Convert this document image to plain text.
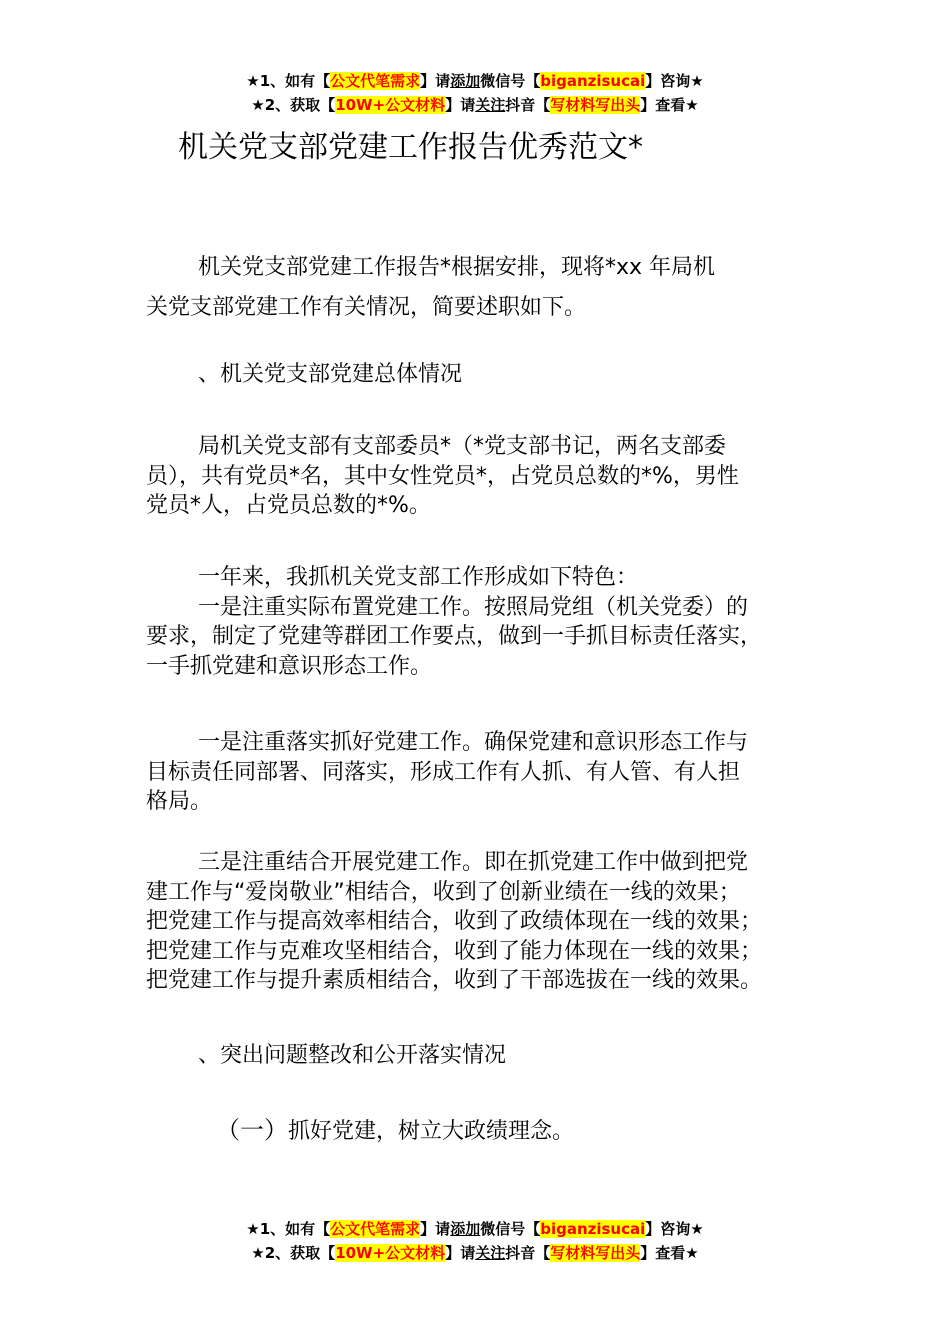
★1、如有【公文代笔需求】请添加微信号【biganzisucai】咨询★
★2、获取【10W+公文材料】请关注抖音【写材料写出头】查看★
机关党支部党建工作报告优秀范文*
机关党支部党建工作报告*根据安排，现将*xx 年局机
关党支部党建工作有关情况，简要述职如下。
、机关党支部党建总体情况
局机关党支部有支部委员*（*党支部书记，两名支部委
员），共有党员*名，其中女性党员*，占党员总数的*%，男性
党员*人，占党员总数的*%。
一年来，我抓机关党支部工作形成如下特色：
一是注重实际布置党建工作。按照局党组（机关党委）的
要求，制定了党建等群团工作要点，做到一手抓目标责任落实，
一手抓党建和意识形态工作。
一是注重落实抓好党建工作。确保党建和意识形态工作与
目标责任同部署、同落实，形成工作有人抓、有人管、有人担
格局。
三是注重结合开展党建工作。即在抓党建工作中做到把党
建工作与“爱岗敬业”相结合，收到了创新业绩在一线的效果；
把党建工作与提高效率相结合，收到了政绩体现在一线的效果；
把党建工作与克难攻坚相结合，收到了能力体现在一线的效果；
把党建工作与提升素质相结合，收到了干部选拔在一线的效果。
、突出问题整改和公开落实情况
（一）抓好党建，树立大政绩理念。
★1、如有【公文代笔需求】请添加微信号【biganzisucai】咨询★
★2、获取【10W+公文材料】请关注抖音【写材料写出头】查看★
